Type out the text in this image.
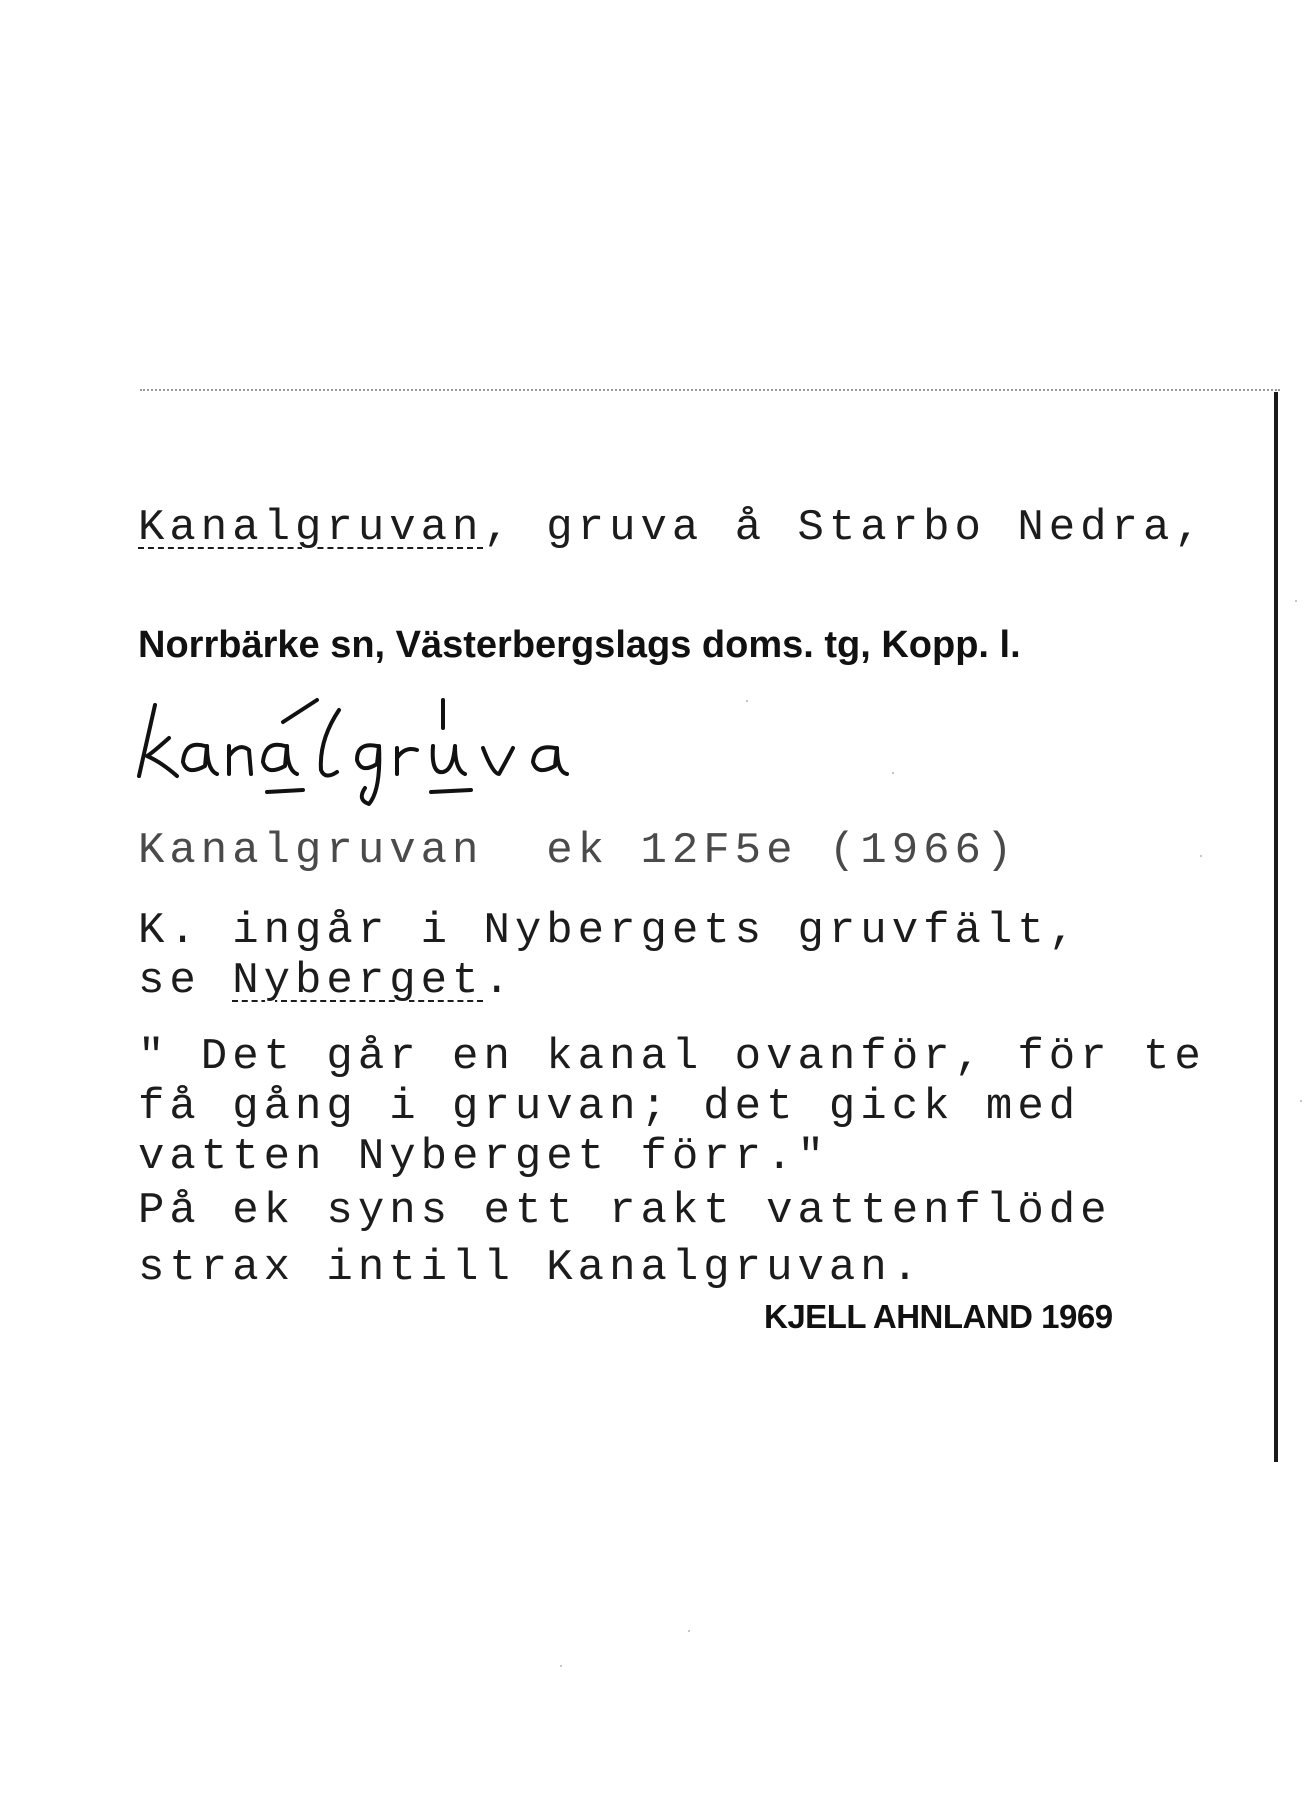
Kanalgruvan, gruva å Starbo Nedra,
Norrbärke sn, Västerbergslags doms. tg, Kopp. l.
Kanalgruvan  ek 12F5e (1966)
K. ingår i Nybergets gruvfält,
se Nyberget.
" Det går en kanal ovanför, för te
få gång i gruvan; det gick med
vatten Nyberget förr."
På ek syns ett rakt vattenflöde
strax intill Kanalgruvan.
KJELL AHNLAND 1969
